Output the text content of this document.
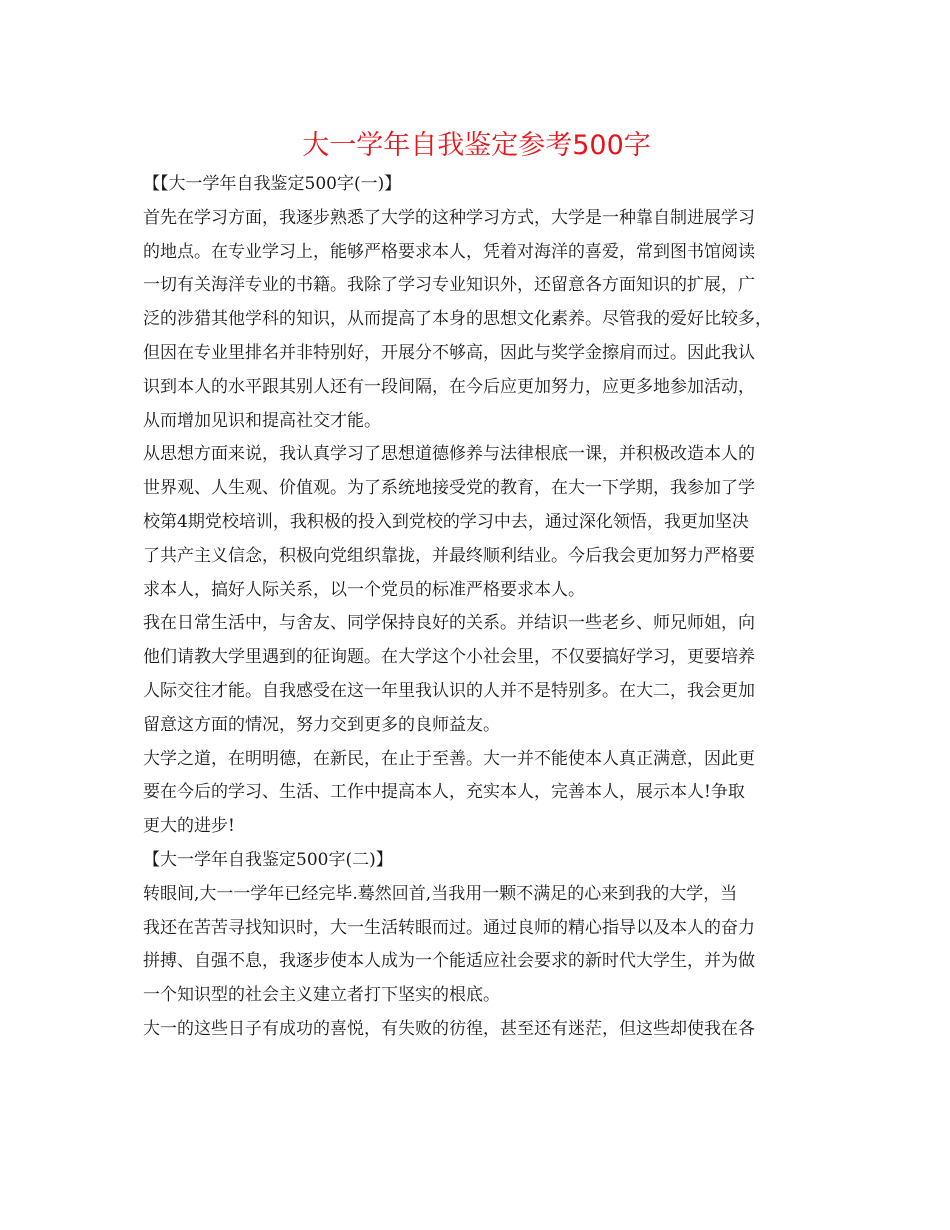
大一学年自我鉴定参考500字
【【大一学年自我鉴定500字(一)】
首先在学习方面，我逐步熟悉了大学的这种学习方式，大学是一种靠自制进展学习
的地点。在专业学习上，能够严格要求本人，凭着对海洋的喜爱，常到图书馆阅读
一切有关海洋专业的书籍。我除了学习专业知识外，还留意各方面知识的扩展，广
泛的涉猎其他学科的知识，从而提高了本身的思想文化素养。尽管我的爱好比较多，
但因在专业里排名并非特别好，开展分不够高，因此与奖学金擦肩而过。因此我认
识到本人的水平跟其别人还有一段间隔，在今后应更加努力，应更多地参加活动，
从而增加见识和提高社交才能。
从思想方面来说，我认真学习了思想道德修养与法律根底一课，并积极改造本人的
世界观、人生观、价值观。为了系统地接受党的教育，在大一下学期，我参加了学
校第4期党校培训，我积极的投入到党校的学习中去，通过深化领悟，我更加坚决
了共产主义信念，积极向党组织靠拢，并最终顺利结业。今后我会更加努力严格要
求本人，搞好人际关系，以一个党员的标准严格要求本人。
我在日常生活中，与舍友、同学保持良好的关系。并结识一些老乡、师兄师姐，向
他们请教大学里遇到的征询题。在大学这个小社会里，不仅要搞好学习，更要培养
人际交往才能。自我感受在这一年里我认识的人并不是特别多。在大二，我会更加
留意这方面的情况，努力交到更多的良师益友。
大学之道，在明明德，在新民，在止于至善。大一并不能使本人真正满意，因此更
要在今后的学习、生活、工作中提高本人，充实本人，完善本人，展示本人!争取
更大的进步!
【大一学年自我鉴定500字(二)】
转眼间,大一一学年已经完毕.蓦然回首,当我用一颗不满足的心来到我的大学，当
我还在苦苦寻找知识时，大一生活转眼而过。通过良师的精心指导以及本人的奋力
拼搏、自强不息，我逐步使本人成为一个能适应社会要求的新时代大学生，并为做
一个知识型的社会主义建立者打下坚实的根底。
大一的这些日子有成功的喜悦，有失败的彷徨，甚至还有迷茫，但这些却使我在各
